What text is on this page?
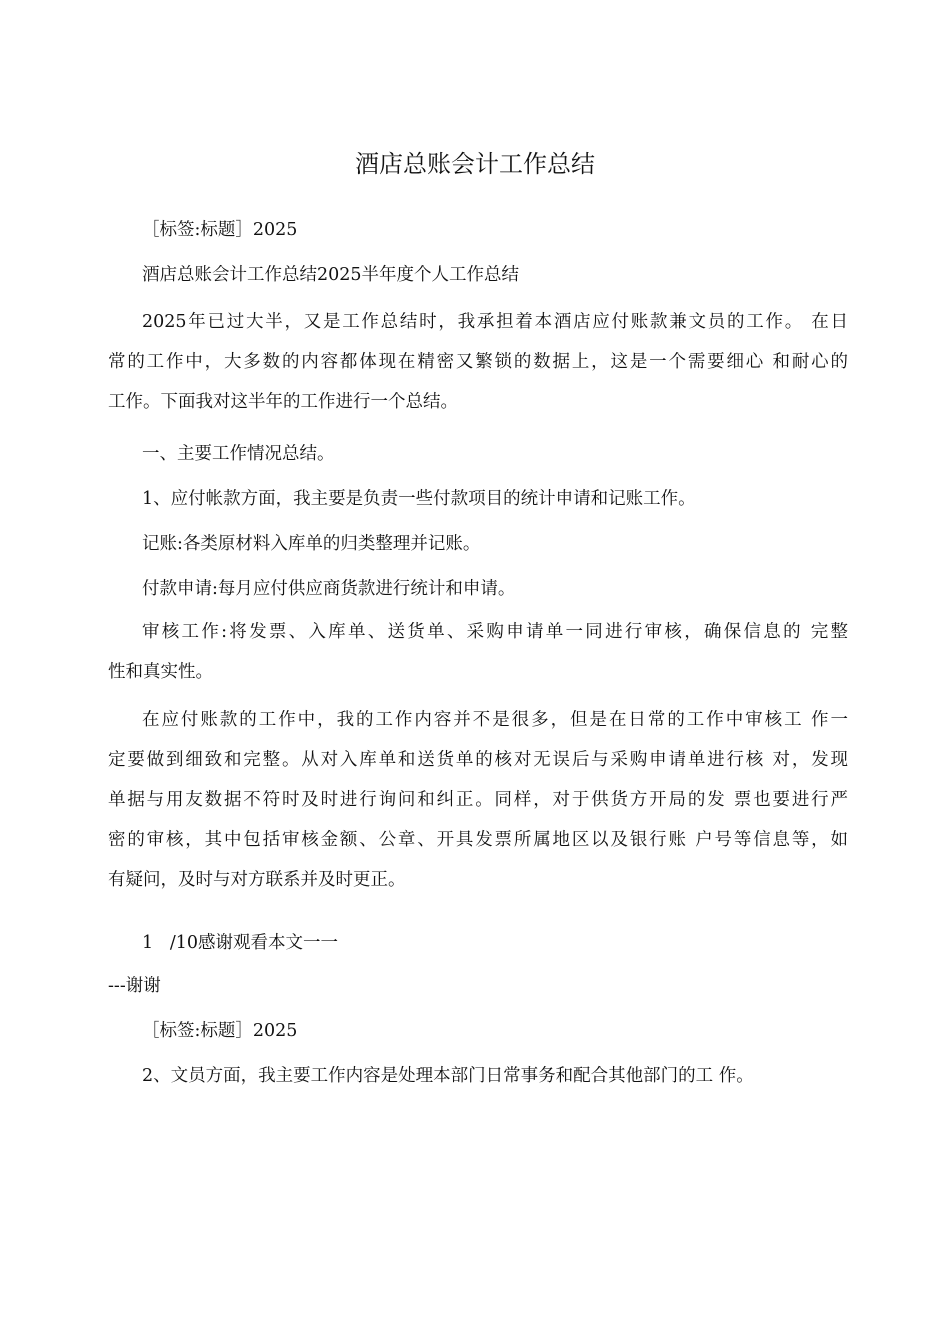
酒店总账会计工作总结
［标签:标题］2025
酒店总账会计工作总结2025半年度个人工作总结
2025年已过大半，又是工作总结时，我承担着本酒店应付账款兼文员的工作。 在日
常的工作中，大多数的内容都体现在精密又繁锁的数据上，这是一个需要细心 和耐心的
工作。下面我对这半年的工作进行一个总结。
一、主要工作情况总结。
1、应付帐款方面，我主要是负责一些付款项目的统计申请和记账工作。
记账:各类原材料入库单的归类整理并记账。
付款申请:每月应付供应商货款进行统计和申请。
审核工作:将发票、入库单、送货单、采购申请单一同进行审核，确保信息的 完整
性和真实性。
在应付账款的工作中，我的工作内容并不是很多，但是在日常的工作中审核工 作一
定要做到细致和完整。从对入库单和送货单的核对无误后与采购申请单进行核 对，发现
单据与用友数据不符时及时进行询问和纠正。同样，对于供货方开局的发 票也要进行严
密的审核，其中包括审核金额、公章、开具发票所属地区以及银行账 户号等信息等，如
有疑问，及时与对方联系并及时更正。
1   /10感谢观看本文一一
---谢谢
［标签:标题］2025
2、文员方面，我主要工作内容是处理本部门日常事务和配合其他部门的工 作。
